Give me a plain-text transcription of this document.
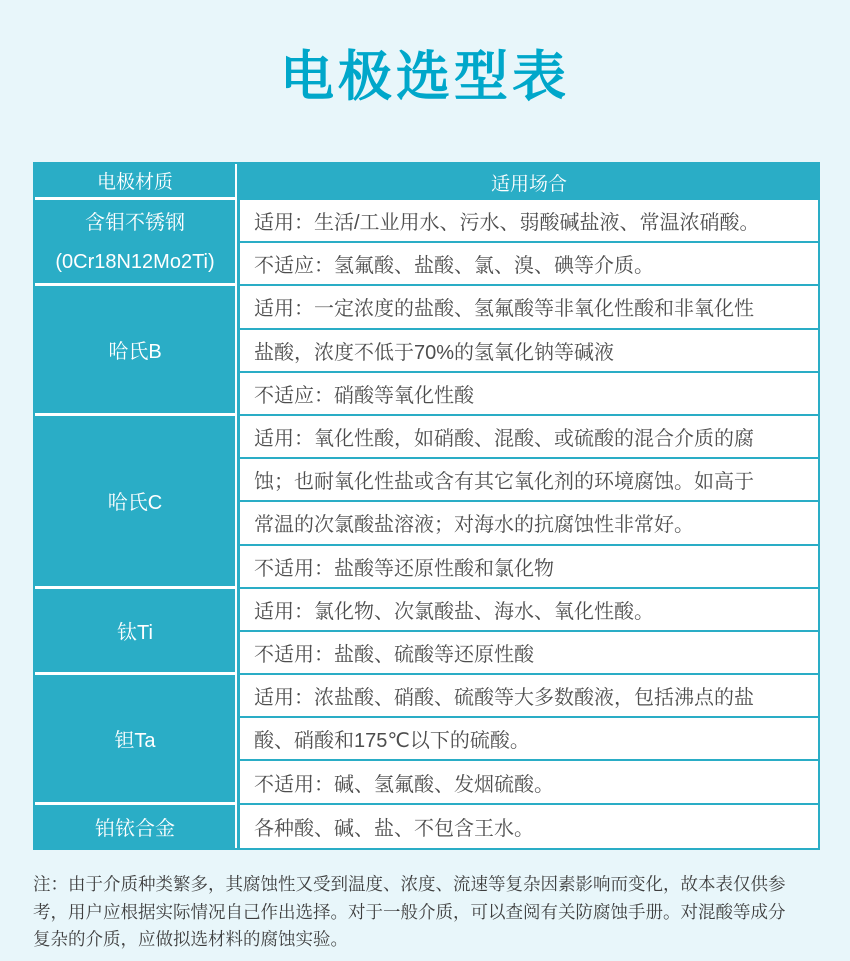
电极选型表
电极材质	适用场合
含钼不锈钢
(0Cr18N12Mo2Ti)
适用：生活/工业用水、污水、弱酸碱盐液、常温浓硝酸。
不适应：氢氟酸、盐酸、氯、溴、碘等介质。
哈氏B
适用：一定浓度的盐酸、氢氟酸等非氧化性酸和非氧化性
盐酸，浓度不低于70%的氢氧化钠等碱液
不适应：硝酸等氧化性酸
哈氏C
适用：氧化性酸，如硝酸、混酸、或硫酸的混合介质的腐
蚀；也耐氧化性盐或含有其它氧化剂的环境腐蚀。如高于
常温的次氯酸盐溶液；对海水的抗腐蚀性非常好。
不适用：盐酸等还原性酸和氯化物
钛Ti
适用：氯化物、次氯酸盐、海水、氧化性酸。
不适用：盐酸、硫酸等还原性酸
钽Ta
适用：浓盐酸、硝酸、硫酸等大多数酸液，包括沸点的盐
酸、硝酸和175℃以下的硫酸。
不适用：碱、氢氟酸、发烟硫酸。
铂铱合金	各种酸、碱、盐、不包含王水。
注：由于介质种类繁多，其腐蚀性又受到温度、浓度、流速等复杂因素影响而变化，故本表仅供参
考，用户应根据实际情况自己作出选择。对于一般介质，可以查阅有关防腐蚀手册。对混酸等成分
复杂的介质，应做拟选材料的腐蚀实验。
